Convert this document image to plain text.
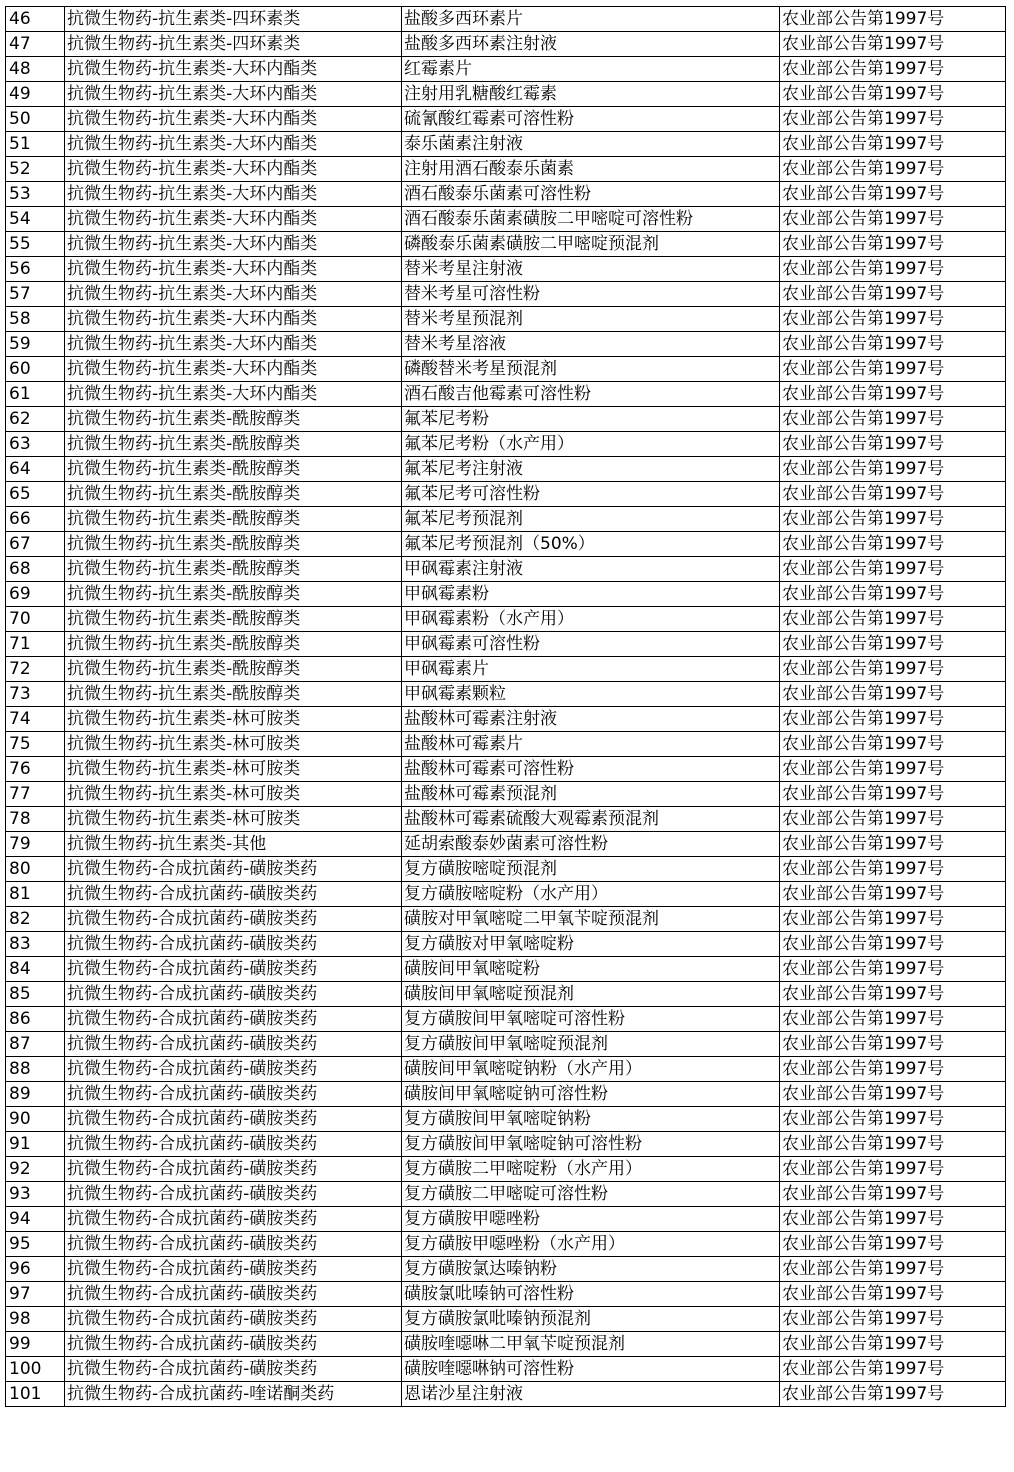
46	抗微生物药-抗生素类-四环素类	盐酸多西环素片	农业部公告第1997号
47	抗微生物药-抗生素类-四环素类	盐酸多西环素注射液	农业部公告第1997号
48	抗微生物药-抗生素类-大环内酯类	红霉素片	农业部公告第1997号
49	抗微生物药-抗生素类-大环内酯类	注射用乳糖酸红霉素	农业部公告第1997号
50	抗微生物药-抗生素类-大环内酯类	硫氰酸红霉素可溶性粉	农业部公告第1997号
51	抗微生物药-抗生素类-大环内酯类	泰乐菌素注射液	农业部公告第1997号
52	抗微生物药-抗生素类-大环内酯类	注射用酒石酸泰乐菌素	农业部公告第1997号
53	抗微生物药-抗生素类-大环内酯类	酒石酸泰乐菌素可溶性粉	农业部公告第1997号
54	抗微生物药-抗生素类-大环内酯类	酒石酸泰乐菌素磺胺二甲嘧啶可溶性粉	农业部公告第1997号
55	抗微生物药-抗生素类-大环内酯类	磷酸泰乐菌素磺胺二甲嘧啶预混剂	农业部公告第1997号
56	抗微生物药-抗生素类-大环内酯类	替米考星注射液	农业部公告第1997号
57	抗微生物药-抗生素类-大环内酯类	替米考星可溶性粉	农业部公告第1997号
58	抗微生物药-抗生素类-大环内酯类	替米考星预混剂	农业部公告第1997号
59	抗微生物药-抗生素类-大环内酯类	替米考星溶液	农业部公告第1997号
60	抗微生物药-抗生素类-大环内酯类	磷酸替米考星预混剂	农业部公告第1997号
61	抗微生物药-抗生素类-大环内酯类	酒石酸吉他霉素可溶性粉	农业部公告第1997号
62	抗微生物药-抗生素类-酰胺醇类	氟苯尼考粉	农业部公告第1997号
63	抗微生物药-抗生素类-酰胺醇类	氟苯尼考粉（水产用）	农业部公告第1997号
64	抗微生物药-抗生素类-酰胺醇类	氟苯尼考注射液	农业部公告第1997号
65	抗微生物药-抗生素类-酰胺醇类	氟苯尼考可溶性粉	农业部公告第1997号
66	抗微生物药-抗生素类-酰胺醇类	氟苯尼考预混剂	农业部公告第1997号
67	抗微生物药-抗生素类-酰胺醇类	氟苯尼考预混剂（50%）	农业部公告第1997号
68	抗微生物药-抗生素类-酰胺醇类	甲砜霉素注射液	农业部公告第1997号
69	抗微生物药-抗生素类-酰胺醇类	甲砜霉素粉	农业部公告第1997号
70	抗微生物药-抗生素类-酰胺醇类	甲砜霉素粉（水产用）	农业部公告第1997号
71	抗微生物药-抗生素类-酰胺醇类	甲砜霉素可溶性粉	农业部公告第1997号
72	抗微生物药-抗生素类-酰胺醇类	甲砜霉素片	农业部公告第1997号
73	抗微生物药-抗生素类-酰胺醇类	甲砜霉素颗粒	农业部公告第1997号
74	抗微生物药-抗生素类-林可胺类	盐酸林可霉素注射液	农业部公告第1997号
75	抗微生物药-抗生素类-林可胺类	盐酸林可霉素片	农业部公告第1997号
76	抗微生物药-抗生素类-林可胺类	盐酸林可霉素可溶性粉	农业部公告第1997号
77	抗微生物药-抗生素类-林可胺类	盐酸林可霉素预混剂	农业部公告第1997号
78	抗微生物药-抗生素类-林可胺类	盐酸林可霉素硫酸大观霉素预混剂	农业部公告第1997号
79	抗微生物药-抗生素类-其他	延胡索酸泰妙菌素可溶性粉	农业部公告第1997号
80	抗微生物药-合成抗菌药-磺胺类药	复方磺胺嘧啶预混剂	农业部公告第1997号
81	抗微生物药-合成抗菌药-磺胺类药	复方磺胺嘧啶粉（水产用）	农业部公告第1997号
82	抗微生物药-合成抗菌药-磺胺类药	磺胺对甲氧嘧啶二甲氧苄啶预混剂	农业部公告第1997号
83	抗微生物药-合成抗菌药-磺胺类药	复方磺胺对甲氧嘧啶粉	农业部公告第1997号
84	抗微生物药-合成抗菌药-磺胺类药	磺胺间甲氧嘧啶粉	农业部公告第1997号
85	抗微生物药-合成抗菌药-磺胺类药	磺胺间甲氧嘧啶预混剂	农业部公告第1997号
86	抗微生物药-合成抗菌药-磺胺类药	复方磺胺间甲氧嘧啶可溶性粉	农业部公告第1997号
87	抗微生物药-合成抗菌药-磺胺类药	复方磺胺间甲氧嘧啶预混剂	农业部公告第1997号
88	抗微生物药-合成抗菌药-磺胺类药	磺胺间甲氧嘧啶钠粉（水产用）	农业部公告第1997号
89	抗微生物药-合成抗菌药-磺胺类药	磺胺间甲氧嘧啶钠可溶性粉	农业部公告第1997号
90	抗微生物药-合成抗菌药-磺胺类药	复方磺胺间甲氧嘧啶钠粉	农业部公告第1997号
91	抗微生物药-合成抗菌药-磺胺类药	复方磺胺间甲氧嘧啶钠可溶性粉	农业部公告第1997号
92	抗微生物药-合成抗菌药-磺胺类药	复方磺胺二甲嘧啶粉（水产用）	农业部公告第1997号
93	抗微生物药-合成抗菌药-磺胺类药	复方磺胺二甲嘧啶可溶性粉	农业部公告第1997号
94	抗微生物药-合成抗菌药-磺胺类药	复方磺胺甲噁唑粉	农业部公告第1997号
95	抗微生物药-合成抗菌药-磺胺类药	复方磺胺甲噁唑粉（水产用）	农业部公告第1997号
96	抗微生物药-合成抗菌药-磺胺类药	复方磺胺氯达嗪钠粉	农业部公告第1997号
97	抗微生物药-合成抗菌药-磺胺类药	磺胺氯吡嗪钠可溶性粉	农业部公告第1997号
98	抗微生物药-合成抗菌药-磺胺类药	复方磺胺氯吡嗪钠预混剂	农业部公告第1997号
99	抗微生物药-合成抗菌药-磺胺类药	磺胺喹噁啉二甲氧苄啶预混剂	农业部公告第1997号
100	抗微生物药-合成抗菌药-磺胺类药	磺胺喹噁啉钠可溶性粉	农业部公告第1997号
101	抗微生物药-合成抗菌药-喹诺酮类药	恩诺沙星注射液	农业部公告第1997号
